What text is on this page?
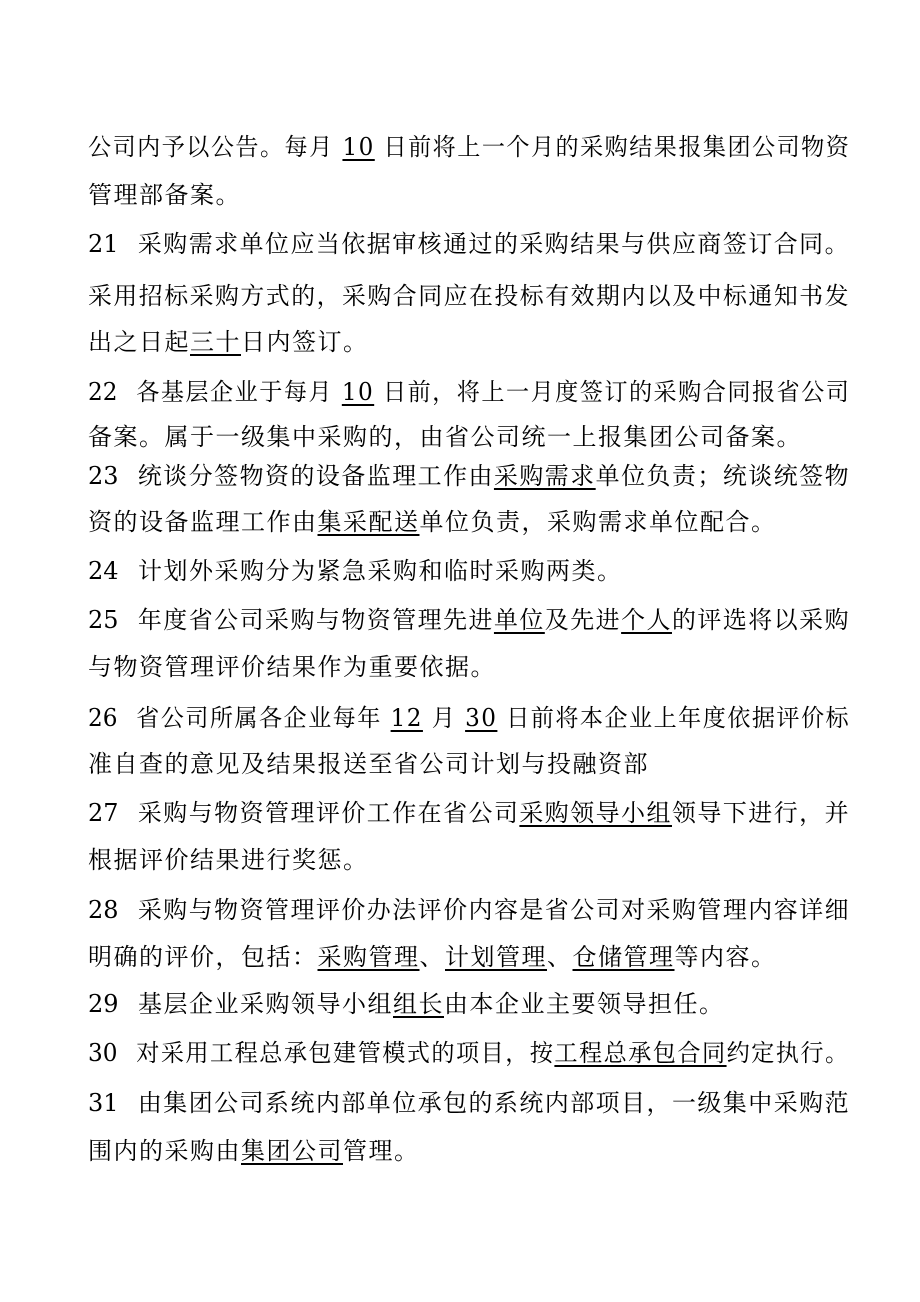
公司内予以公告。每月 10 日前将上一个月的采购结果报集团公司物资
管理部备案。
21 采购需求单位应当依据审核通过的采购结果与供应商签订合同。
采用招标采购方式的，采购合同应在投标有效期内以及中标通知书发
出之日起三十日内签订。
22 各基层企业于每月 10 日前，将上一月度签订的采购合同报省公司
备案。属于一级集中采购的，由省公司统一上报集团公司备案。
23 统谈分签物资的设备监理工作由采购需求单位负责；统谈统签物
资的设备监理工作由集采配送单位负责，采购需求单位配合。
24 计划外采购分为紧急采购和临时采购两类。
25 年度省公司采购与物资管理先进单位及先进个人的评选将以采购
与物资管理评价结果作为重要依据。
26 省公司所属各企业每年 12 月 30 日前将本企业上年度依据评价标
准自查的意见及结果报送至省公司计划与投融资部
27 采购与物资管理评价工作在省公司采购领导小组领导下进行，并
根据评价结果进行奖惩。
28 采购与物资管理评价办法评价内容是省公司对采购管理内容详细
明确的评价，包括：采购管理、计划管理、仓储管理等内容。
29 基层企业采购领导小组组长由本企业主要领导担任。
30 对采用工程总承包建管模式的项目，按工程总承包合同约定执行。
31 由集团公司系统内部单位承包的系统内部项目，一级集中采购范
围内的采购由集团公司管理。
